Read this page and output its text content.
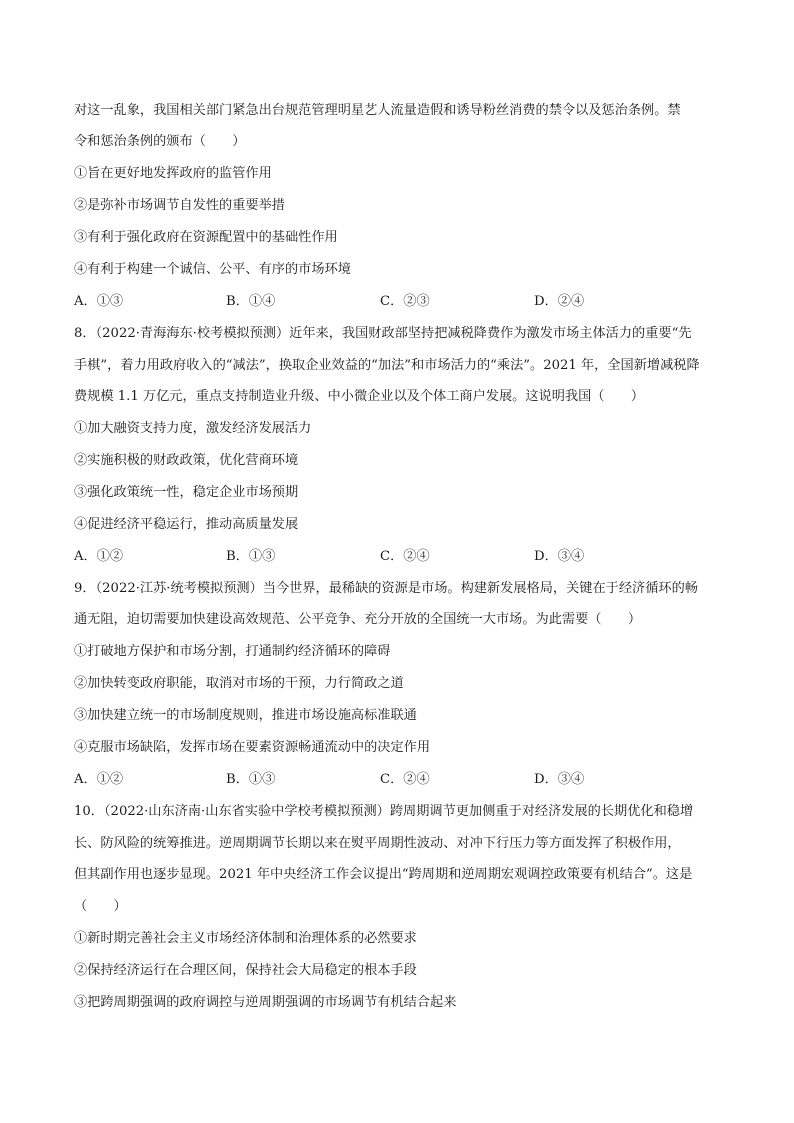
对这一乱象，我国相关部门紧急出台规范管理明星艺人流量造假和诱导粉丝消费的禁令以及惩治条例。禁
令和惩治条例的颁布（　　）
①旨在更好地发挥政府的监管作用
②是弥补市场调节自发性的重要举措
③有利于强化政府在资源配置中的基础性作用
④有利于构建一个诚信、公平、有序的市场环境
A．①③	B．①④	C．②③	D．②④
8．（2022·青海海东·校考模拟预测）近年来，我国财政部坚持把减税降费作为激发市场主体活力的重要“先
手棋”，着力用政府收入的“减法”，换取企业效益的“加法”和市场活力的“乘法”。2021 年，全国新增减税降
费规模 1.1 万亿元，重点支持制造业升级、中小微企业以及个体工商户发展。这说明我国（　　）
①加大融资支持力度，激发经济发展活力
②实施积极的财政政策，优化营商环境
③强化政策统一性，稳定企业市场预期
④促进经济平稳运行，推动高质量发展
A．①②	B．①③	C．②④	D．③④
9．（2022·江苏·统考模拟预测）当今世界，最稀缺的资源是市场。构建新发展格局，关键在于经济循环的畅
通无阻，迫切需要加快建设高效规范、公平竞争、充分开放的全国统一大市场。为此需要（　　）
①打破地方保护和市场分割，打通制约经济循环的障碍
②加快转变政府职能，取消对市场的干预，力行简政之道
③加快建立统一的市场制度规则，推进市场设施高标准联通
④克服市场缺陷，发挥市场在要素资源畅通流动中的决定作用
A．①②	B．①③	C．②④	D．③④
10．（2022·山东济南·山东省实验中学校考模拟预测）跨周期调节更加侧重于对经济发展的长期优化和稳增
长、防风险的统筹推进。逆周期调节长期以来在熨平周期性波动、对冲下行压力等方面发挥了积极作用，
但其副作用也逐步显现。2021 年中央经济工作会议提出“跨周期和逆周期宏观调控政策要有机结合”。这是
（　　）
①新时期完善社会主义市场经济体制和治理体系的必然要求
②保持经济运行在合理区间，保持社会大局稳定的根本手段
③把跨周期强调的政府调控与逆周期强调的市场调节有机结合起来
